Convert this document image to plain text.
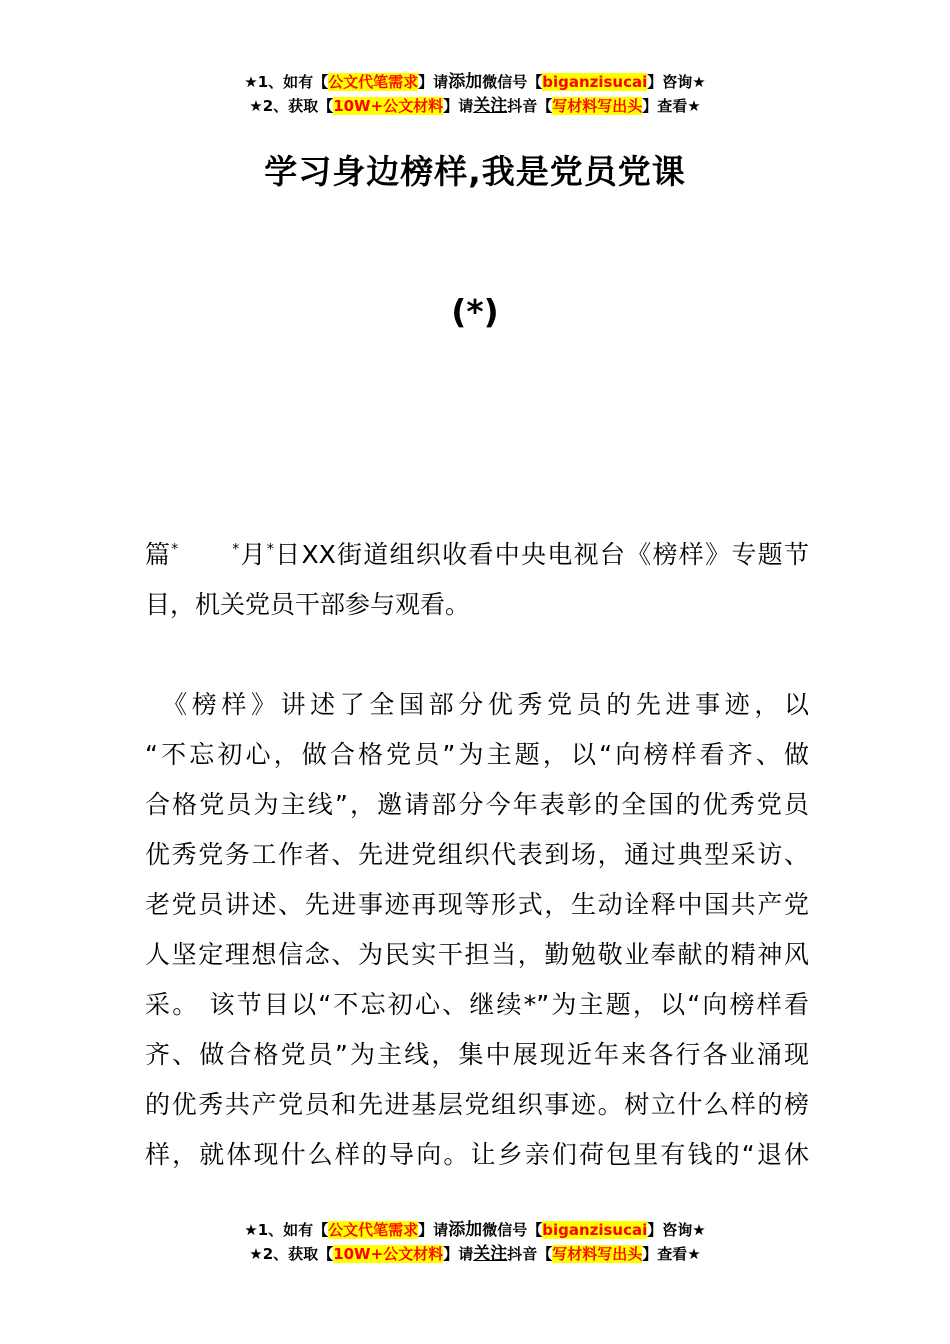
★1、如有【公文代笔需求】请添加微信号【biganzisucai】咨询★
★2、获取【10W+公文材料】请关注抖音【写材料写出头】查看★
学习身边榜样,我是党员党课
(*)
篇*	*月*日XX街道组织收看中央电视台《榜样》专题节
目，机关党员干部参与观看。
　《榜样》讲述了全国部分优秀党员的先进事迹，以
“不忘初心，做合格党员”为主题，以“向榜样看齐、做
合格党员为主线”，邀请部分今年表彰的全国的优秀党员
优秀党务工作者、先进党组织代表到场，通过典型采访、
老党员讲述、先进事迹再现等形式，生动诠释中国共产党
人坚定理想信念、为民实干担当，勤勉敬业奉献的精神风
采。 该节目以“不忘初心、继续*”为主题，以“向榜样看
齐、做合格党员”为主线，集中展现近年来各行各业涌现
的优秀共产党员和先进基层党组织事迹。树立什么样的榜
样，就体现什么样的导向。让乡亲们荷包里有钱的“退休
★1、如有【公文代笔需求】请添加微信号【biganzisucai】咨询★
★2、获取【10W+公文材料】请关注抖音【写材料写出头】查看★
